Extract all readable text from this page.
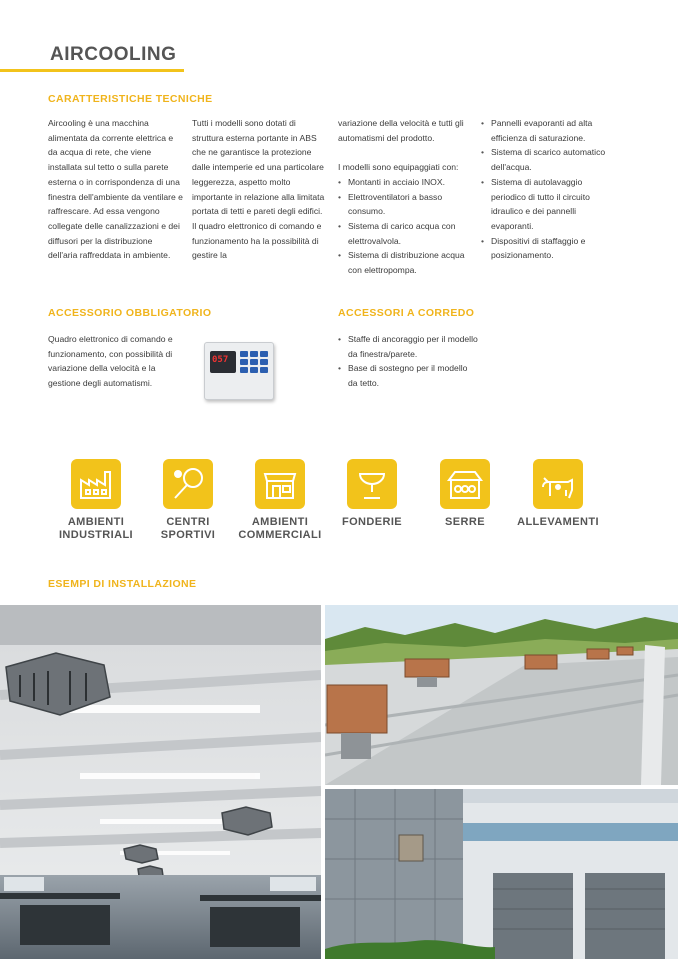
AIRCOOLING
CARATTERISTICHE TECNICHE

Aircooling è una macchina alimentata da corrente elettrica e da acqua di rete, che viene installata sul tetto o sulla parete esterna o in corrispondenza di una finestra dell'ambiente da ventilare e raffrescare. Ad essa vengono collegate delle canalizzazioni e dei diffusori per la distribuzione dell'aria raffreddata in ambiente.

Tutti i modelli sono dotati di struttura esterna portante in ABS che ne garantisce la protezione dalle intemperie ed una particolare leggerezza, aspetto molto importante in relazione alla limitata portata di tetti e pareti degli edifici. Il quadro elettronico di comando e funzionamento ha la possibilità di gestire la

variazione della velocità e tutti gli automatismi del prodotto.

I modelli sono equipaggiati con:

• Montanti in acciaio INOX.
• Elettroventilatori a basso consumo.
• Sistema di carico acqua con elettrovalvola.
• Sistema di distribuzione acqua con elettropompa.
• Pannelli evaporanti ad alta efficienza di saturazione.
• Sistema di scarico automatico dell'acqua.
• Sistema di autolavaggio periodico di tutto il circuito idraulico e dei pannelli evaporanti.
• Dispositivi di staffaggio e posizionamento.
ACCESSORIO OBBLIGATORIO

Quadro elettronico di comando e funzionamento, con possibilità di variazione della velocità e la gestione degli automatismi.

057
ACCESSORI A CORREDO
• Staffe di ancoraggio per il modello da finestra/parete.
• Base di sostegno per il modello da tetto.
AMBIENTI
INDUSTRIALI
CENTRI
SPORTIVI
AMBIENTI
COMMERCIALI
FONDERIE	SERRE	ALLEVAMENTI
ESEMPI DI INSTALLAZIONE
